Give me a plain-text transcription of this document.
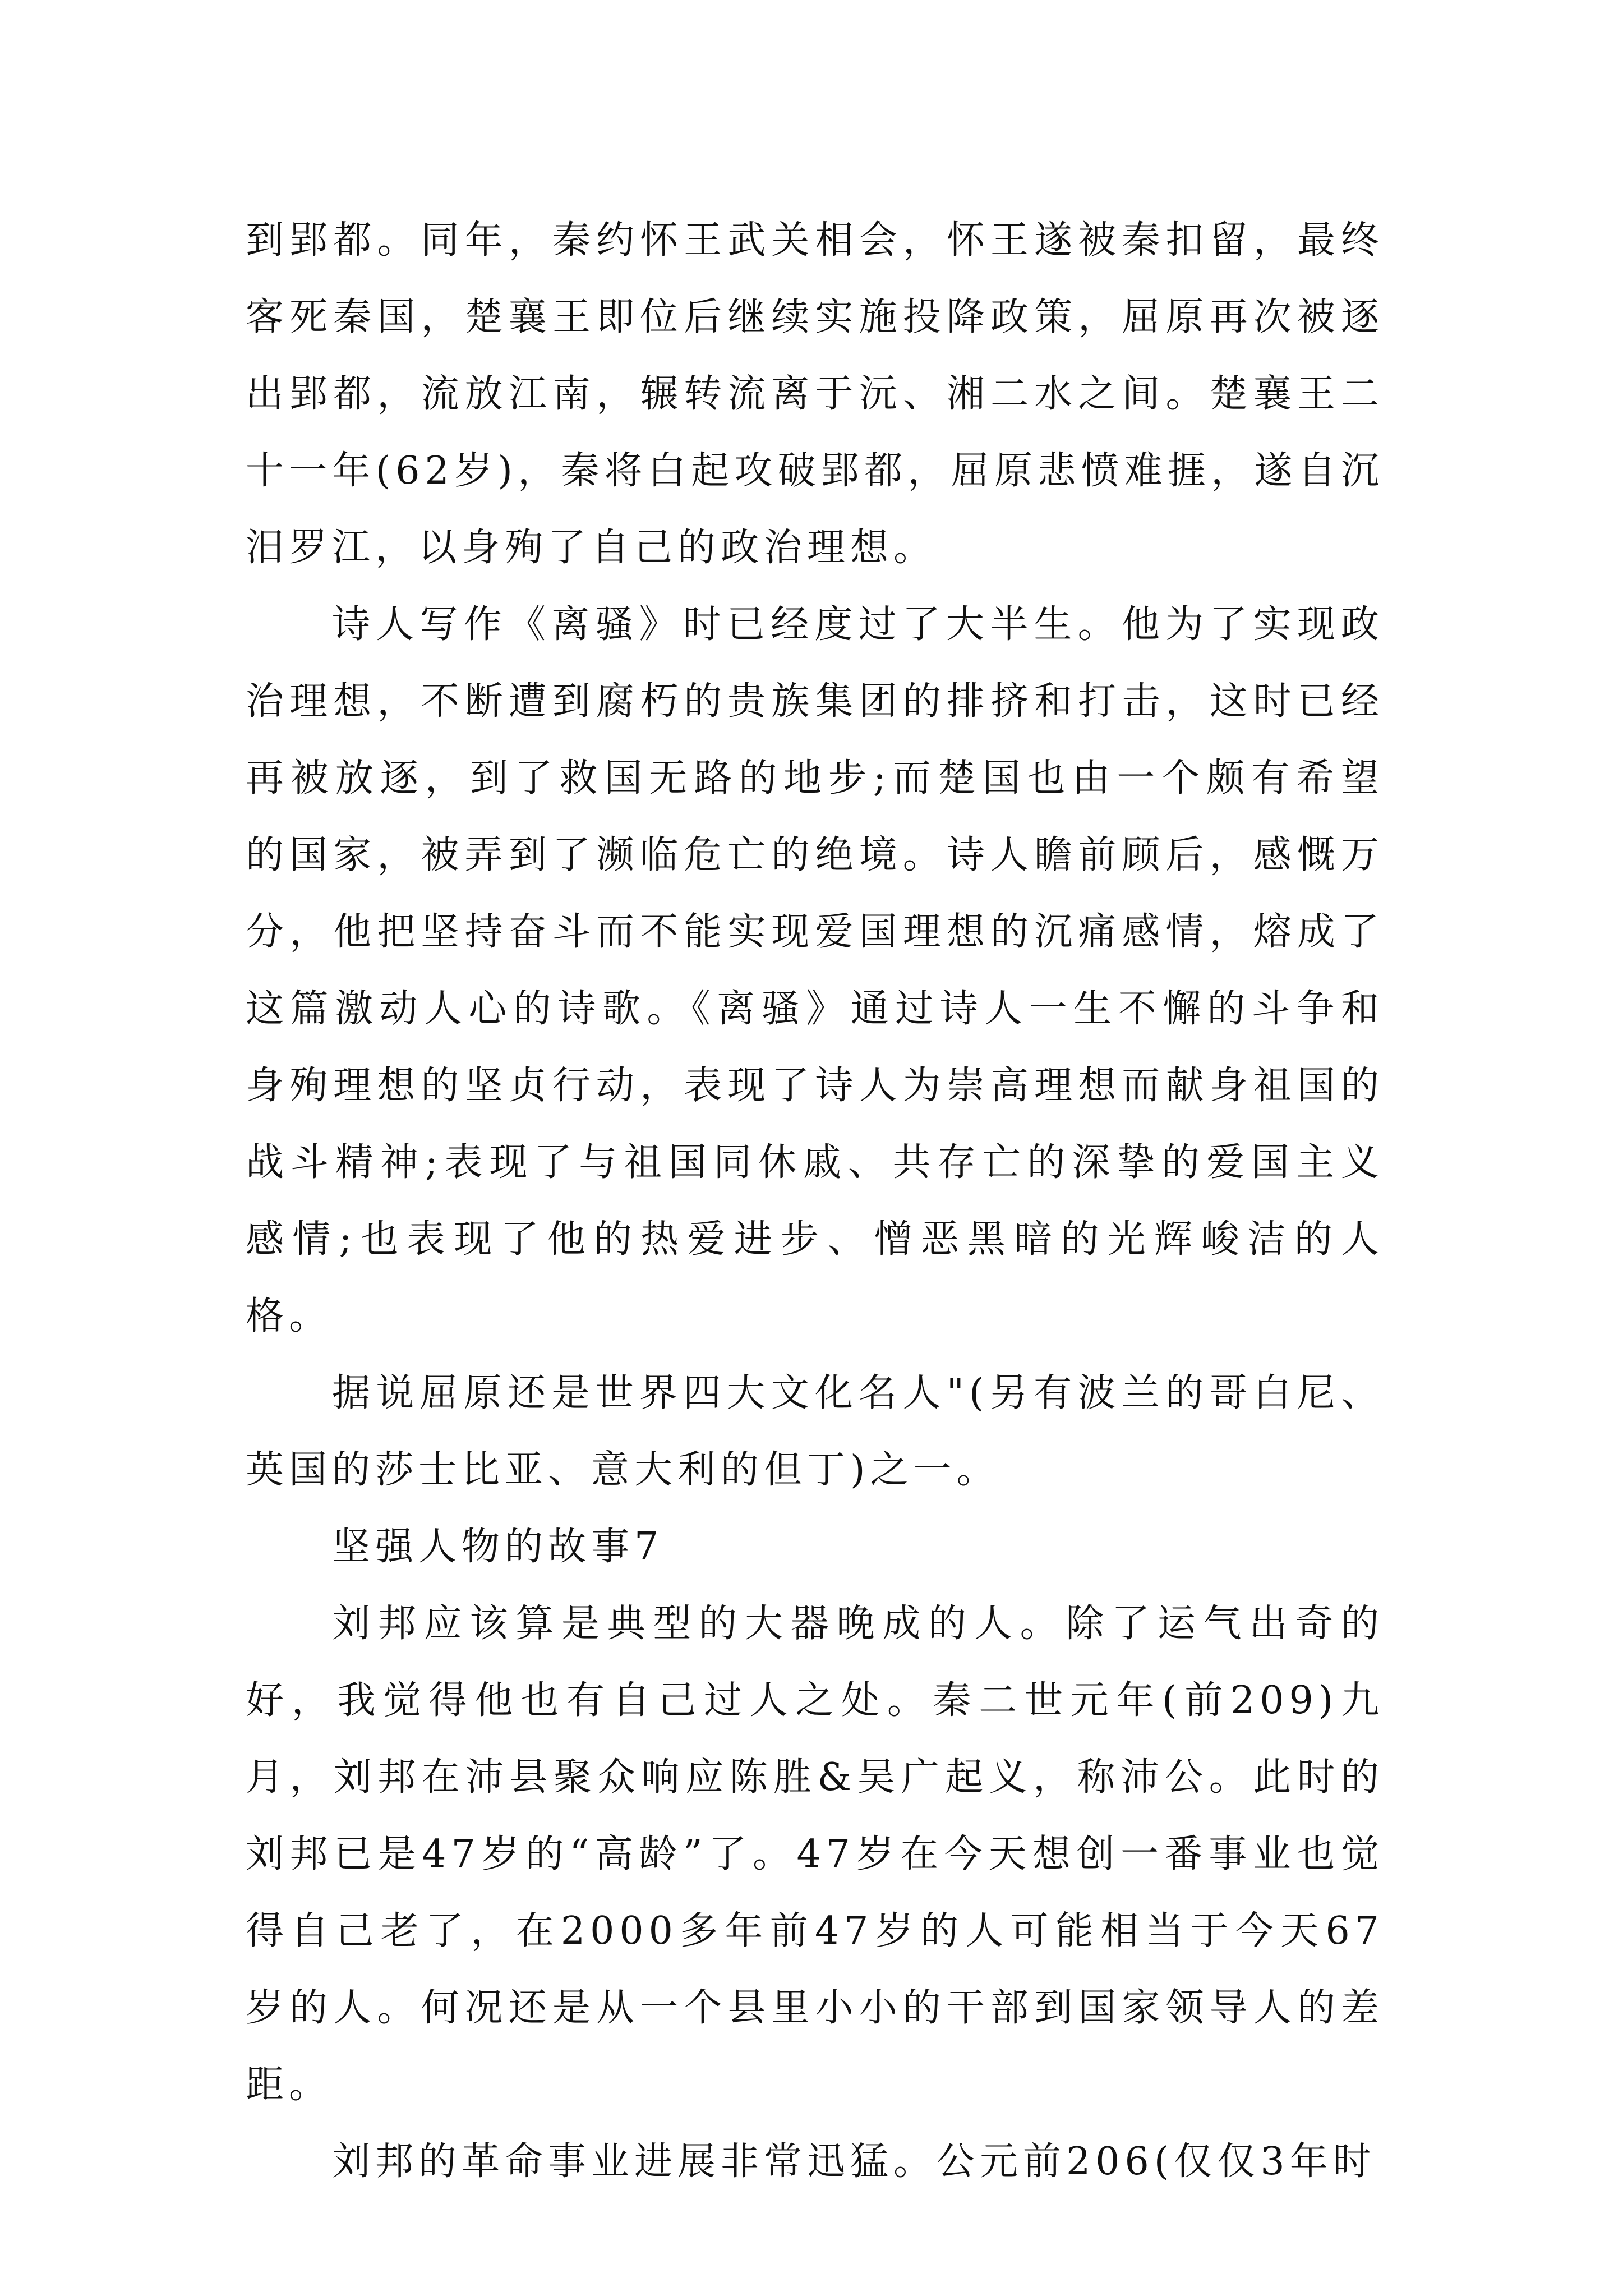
到郢都。同年，秦约怀王武关相会，怀王遂被秦扣留，最终客死秦国，楚襄王即位后继续实施投降政策，屈原再次被逐出郢都，流放江南，辗转流离于沅、湘二水之间。楚襄王二十一年(62岁)，秦将白起攻破郢都，屈原悲愤难捱，遂自沉汨罗江，以身殉了自己的政治理想。

诗人写作《离骚》时已经度过了大半生。他为了实现政治理想，不断遭到腐朽的贵族集团的排挤和打击，这时已经再被放逐，到了救国无路的地步;而楚国也由一个颇有希望的国家，被弄到了濒临危亡的绝境。诗人瞻前顾后，感慨万分，他把坚持奋斗而不能实现爱国理想的沉痛感情，熔成了这篇激动人心的诗歌。《离骚》通过诗人一生不懈的斗争和身殉理想的坚贞行动，表现了诗人为崇高理想而献身祖国的战斗精神;表现了与祖国同休戚、共存亡的深挚的爱国主义感情;也表现了他的热爱进步、憎恶黑暗的光辉峻洁的人格。

据说屈原还是世界四大文化名人"(另有波兰的哥白尼、英国的莎士比亚、意大利的但丁)之一。

坚强人物的故事7

刘邦应该算是典型的大器晚成的人。除了运气出奇的好，我觉得他也有自己过人之处。秦二世元年(前209)九月，刘邦在沛县聚众响应陈胜&吴广起义，称沛公。此时的刘邦已是47岁的“高龄”了。47岁在今天想创一番事业也觉得自己老了，在2000多年前47岁的人可能相当于今天67岁的人。何况还是从一个县里小小的干部到国家领导人的差距。

刘邦的革命事业进展非常迅猛。公元前206(仅仅3年时
